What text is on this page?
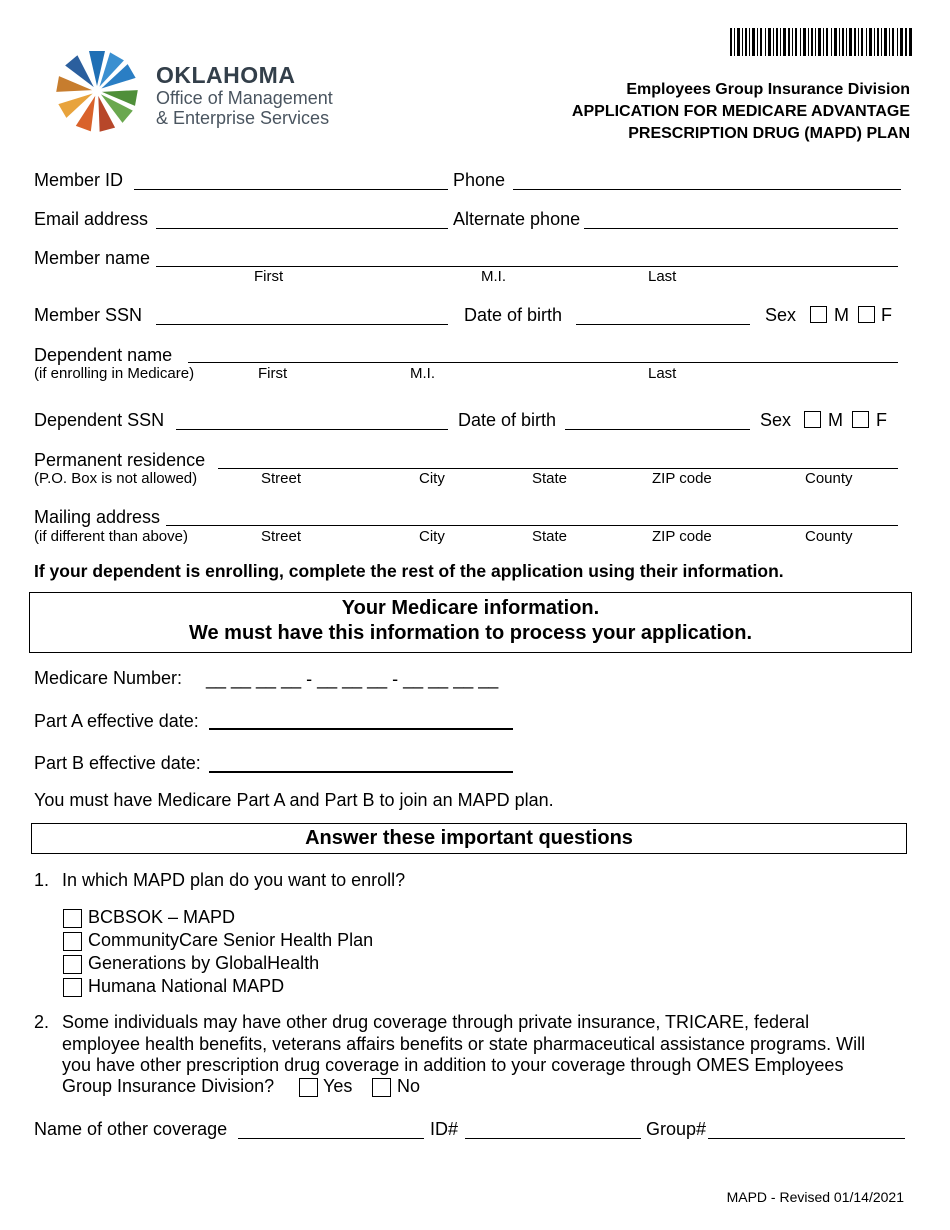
OKLAHOMA
Office of Management
& Enterprise Services
Employees Group Insurance Division
APPLICATION FOR MEDICARE ADVANTAGE
PRESCRIPTION DRUG (MAPD) PLAN
Member ID	Phone
Email address	Alternate phone
Member name
First	M.I.	Last
Member SSN	Date of birth	Sex M F
Dependent name
(if enrolling in Medicare)	First	M.I.	Last
Dependent SSN	Date of birth	Sex M F
Permanent residence
(P.O. Box is not allowed)	Street	City	State	ZIP code	County
Mailing address
(if different than above)	Street	City	State	ZIP code	County
If your dependent is enrolling, complete the rest of the application using their information.
Your Medicare information.
We must have this information to process your application.
Medicare Number: __ __ __ __ - __ __ __ - __ __ __ __
Part A effective date:
Part B effective date:
You must have Medicare Part A and Part B to join an MAPD plan.
Answer these important questions
1. In which MAPD plan do you want to enroll?
BCBSOK – MAPD
CommunityCare Senior Health Plan
Generations by GlobalHealth
Humana National MAPD
2. Some individuals may have other drug coverage through private insurance, TRICARE, federal
employee health benefits, veterans affairs benefits or state pharmaceutical assistance programs. Will
you have other prescription drug coverage in addition to your coverage through OMES Employees
Group Insurance Division?	Yes No
Name of other coverage	ID#	Group#
MAPD - Revised 01/14/2021
